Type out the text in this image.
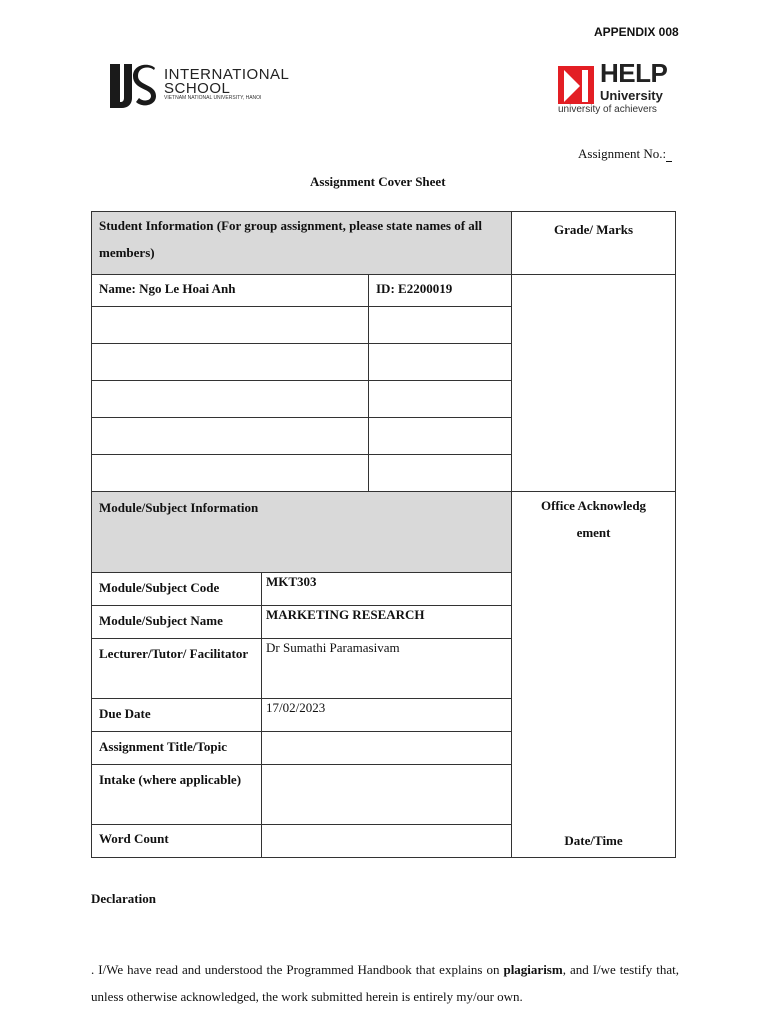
APPENDIX 008
INTERNATIONAL
SCHOOL
VIETNAM NATIONAL UNIVERSITY, HANOI
HELP
University
university of achievers
Assignment No.:
Assignment Cover Sheet
Student Information (For group assignment, please state names of all members)			Grade/ Marks
Name: Ngo Le Hoai Anh		ID: E2200019	

Module/Subject Information			Office Acknowledgement
Date/Time

Module/Subject Code	MKT303		
Module/Subject Name	MARKETING RESEARCH		
Lecturer/Tutor/ Facilitator	Dr Sumathi Paramasivam		
Due Date	17/02/2023		
Assignment Title/Topic			
Intake (where applicable)			
Word Count			
Declaration
. I/We have read and understood the Programmed Handbook that explains on plagiarism, and I/we testify that, unless otherwise acknowledged, the work submitted herein is entirely my/our own.
